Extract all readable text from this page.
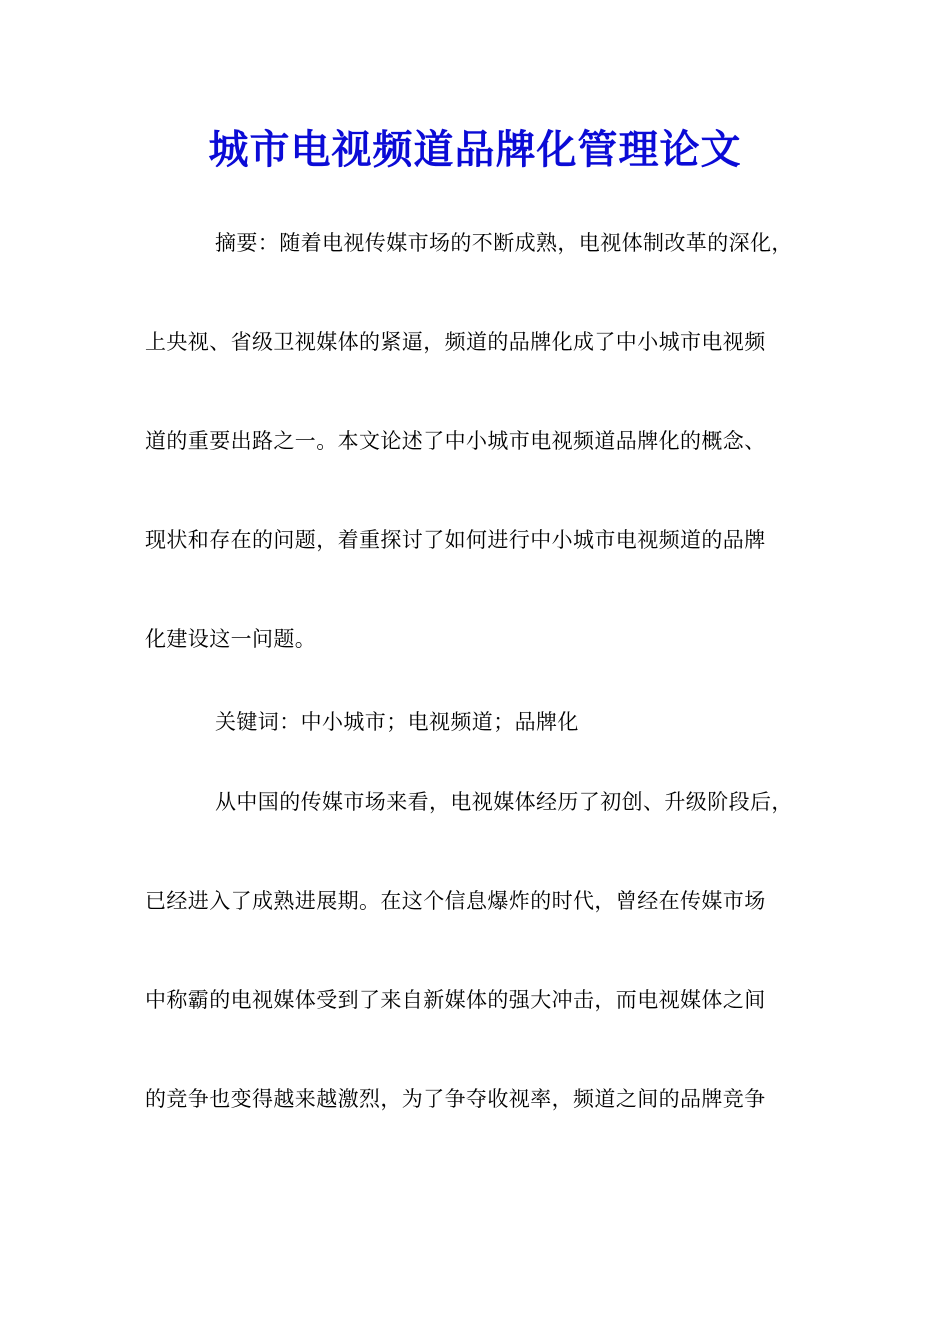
城市电视频道品牌化管理论文

摘要：随着电视传媒市场的不断成熟，电视体制改革的深化，

上央视、省级卫视媒体的紧逼，频道的品牌化成了中小城市电视频

道的重要出路之一。本文论述了中小城市电视频道品牌化的概念、

现状和存在的问题，着重探讨了如何进行中小城市电视频道的品牌

化建设这一问题。

关键词：中小城市；电视频道；品牌化

从中国的传媒市场来看，电视媒体经历了初创、升级阶段后，

已经进入了成熟进展期。在这个信息爆炸的时代，曾经在传媒市场

中称霸的电视媒体受到了来自新媒体的强大冲击，而电视媒体之间

的竞争也变得越来越激烈，为了争夺收视率，频道之间的品牌竞争
